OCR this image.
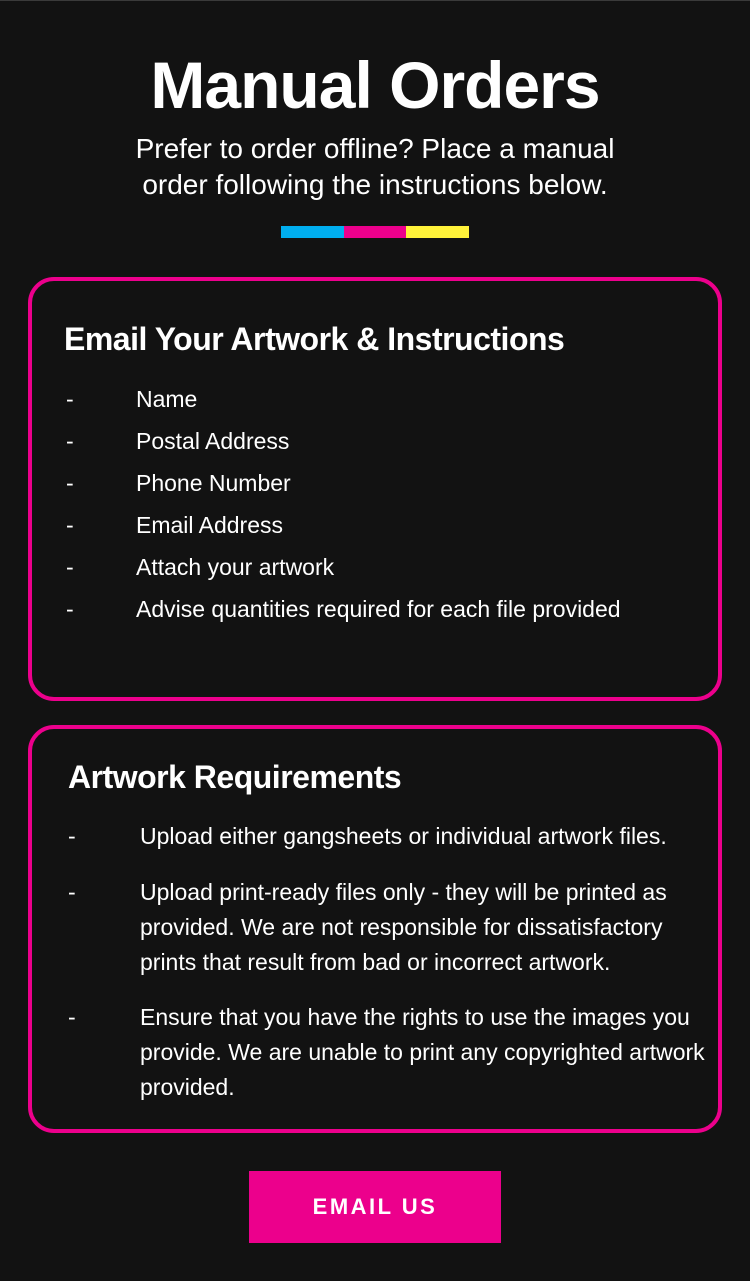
Manual Orders

Prefer to order offline? Place a manual order following the instructions below.

Email Your Artwork & Instructions
-	Name
-	Postal Address
-	Phone Number
-	Email Address
-	Attach your artwork
-	Advise quantities required for each file provided
Artwork Requirements
-	Upload either gangsheets or individual artwork files.
-	Upload print-ready files only - they will be printed as provided. We are not responsible for dissatisfactory prints that result from bad or incorrect artwork.
-	Ensure that you have the rights to use the images you provide. We are unable to print any copyrighted artwork provided.
EMAIL US
